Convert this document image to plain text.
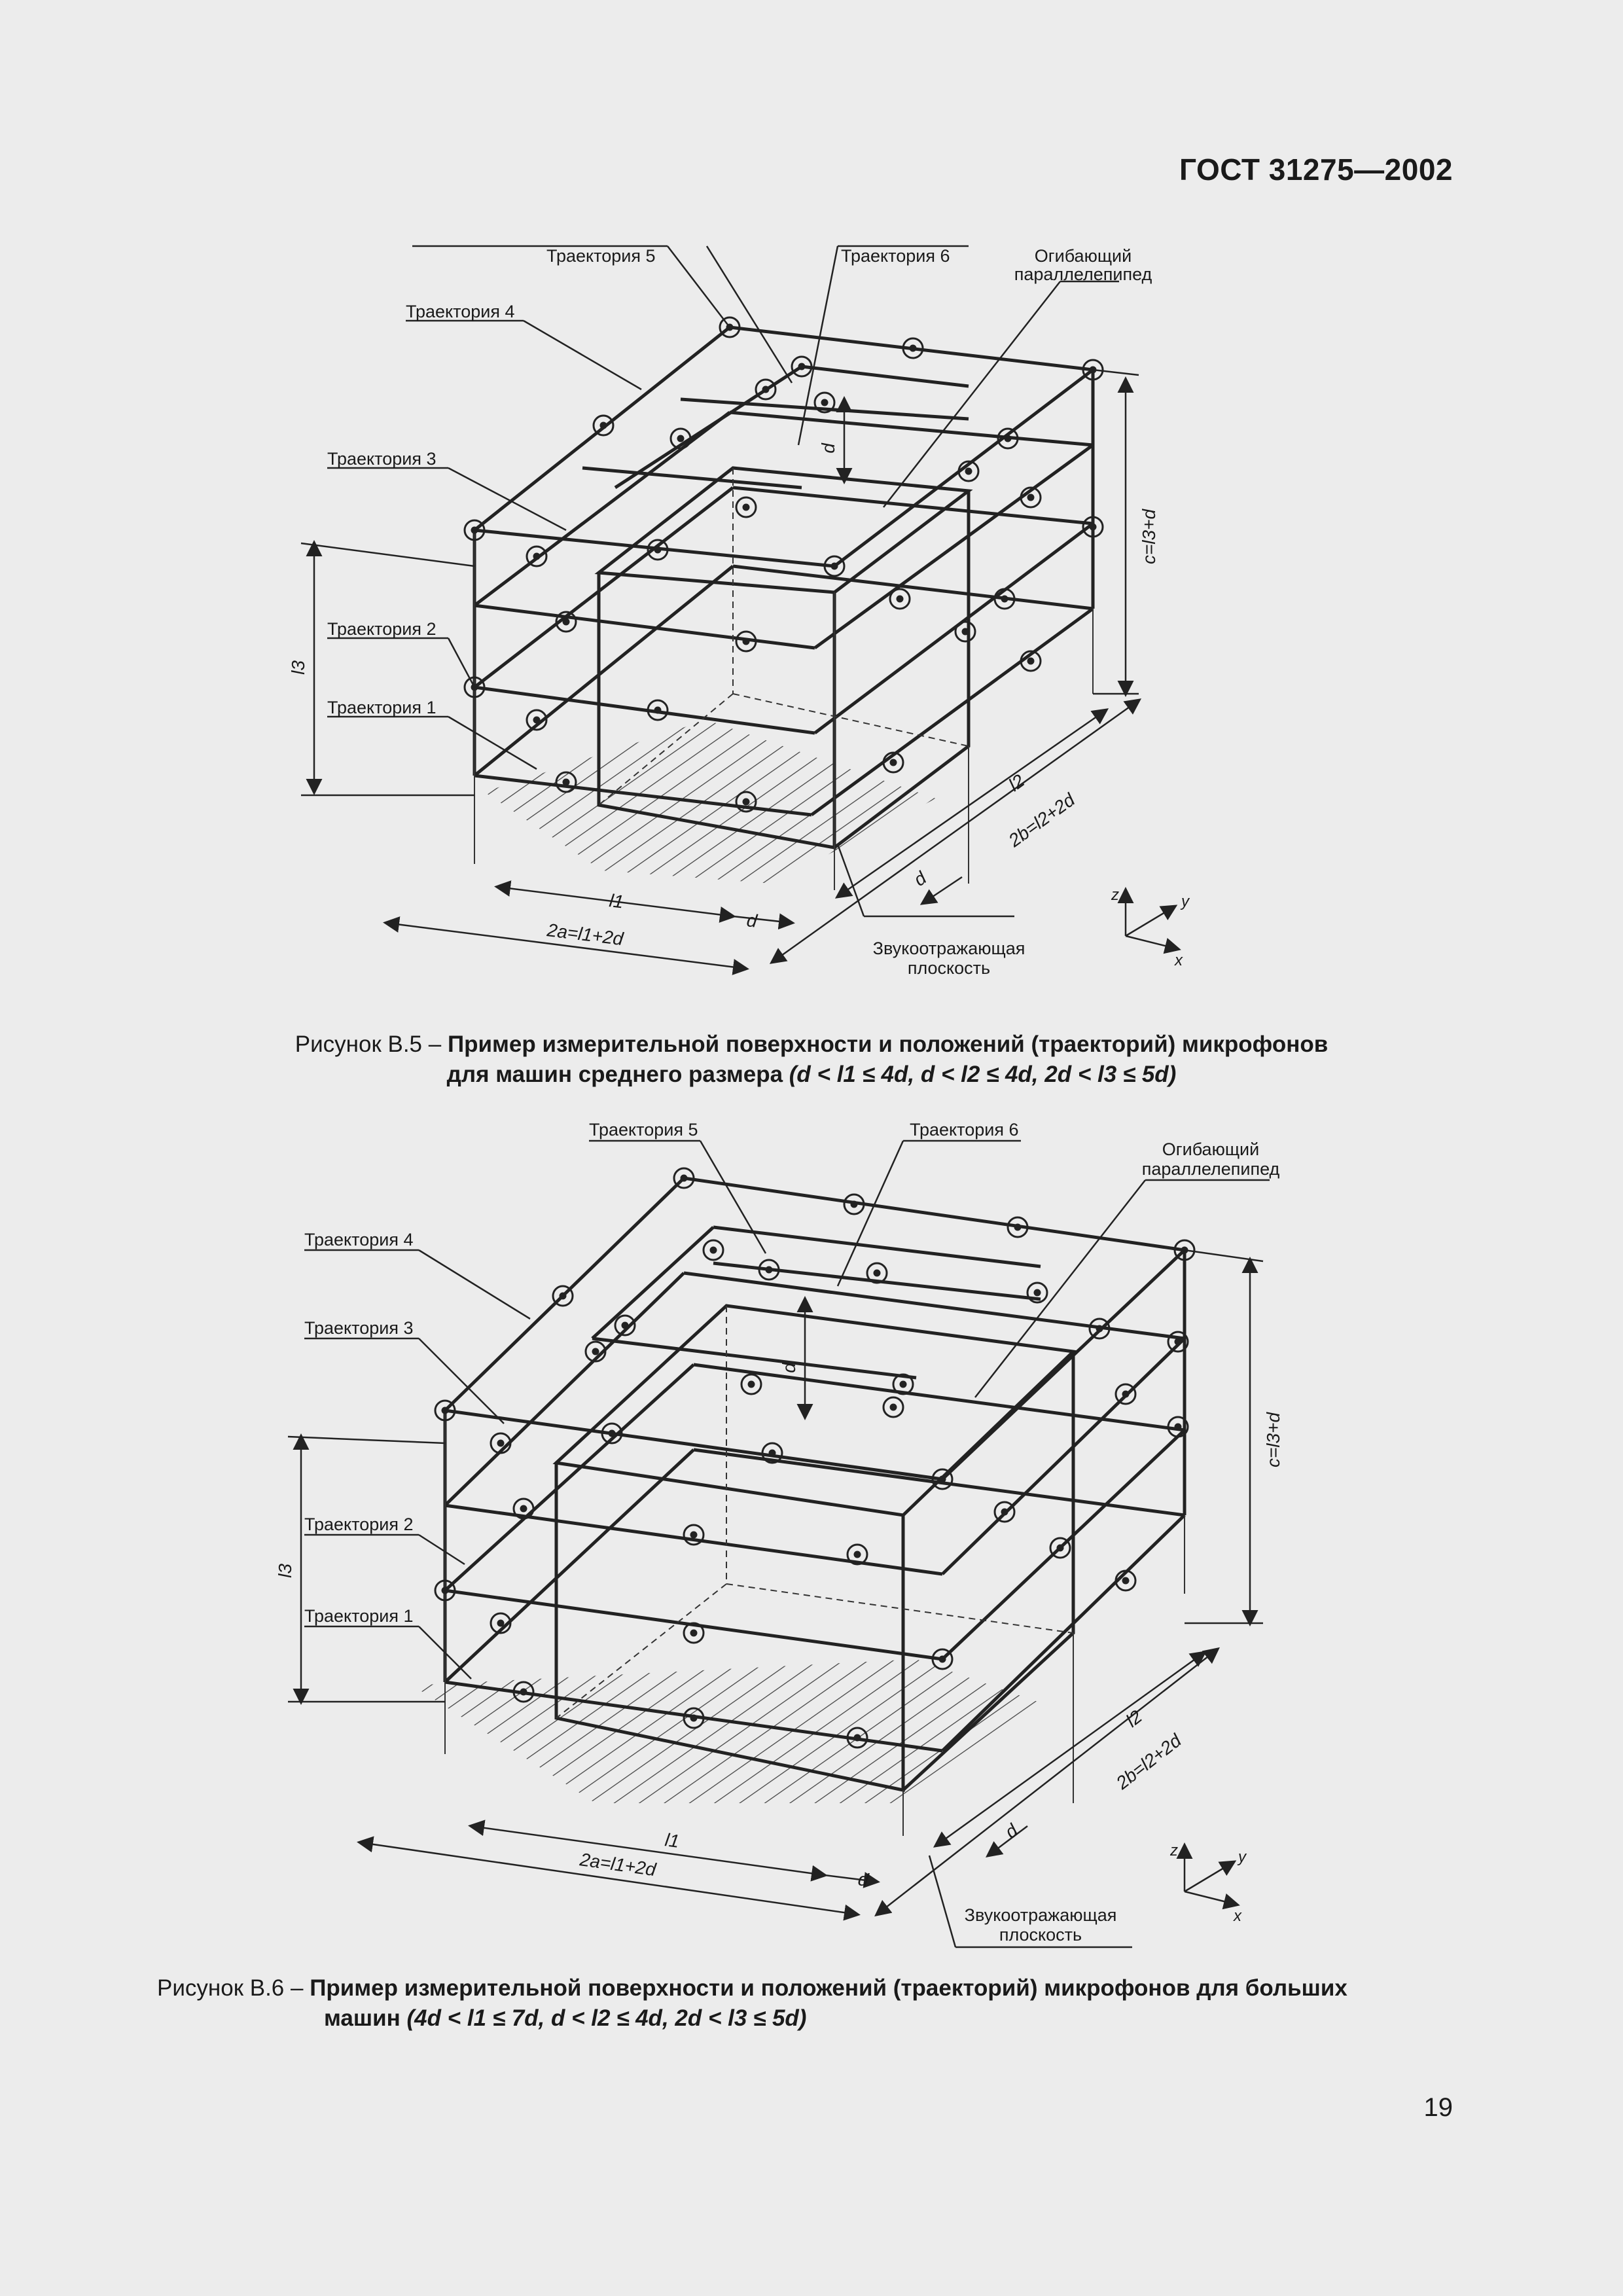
ГОСТ 31275—2002
Траектория 5	Траектория 6	Огибающий
параллелепипед
Траектория 4
Траектория 3
Траектория 2
Траектория 1
Звукоотражающая
плоскость
c=l3+d
l3
d
l1
2a=l1+2d	d
l2
2b=l2+2d
d
z	y
x
Рисунок В.5 – Пример измерительной поверхности и положений (траекторий) микрофонов
для машин среднего размера (d < l1 ≤ 4d, d < l2 ≤ 4d, 2d < l3 ≤ 5d)
Траектория 5	Траектория 6
Огибающий
параллелепипед
Траектория 4
Траектория 3
Траектория 2
Траектория 1
Звукоотражающая
плоскость
c=l3+d
l3
d
l1
2a=l1+2d	d
l2
2b=l2+2d
d
z	y
x
Рисунок В.6 – Пример измерительной поверхности и положений (траекторий) микрофонов для больших
машин (4d < l1 ≤ 7d, d < l2 ≤ 4d, 2d < l3 ≤ 5d)
19
